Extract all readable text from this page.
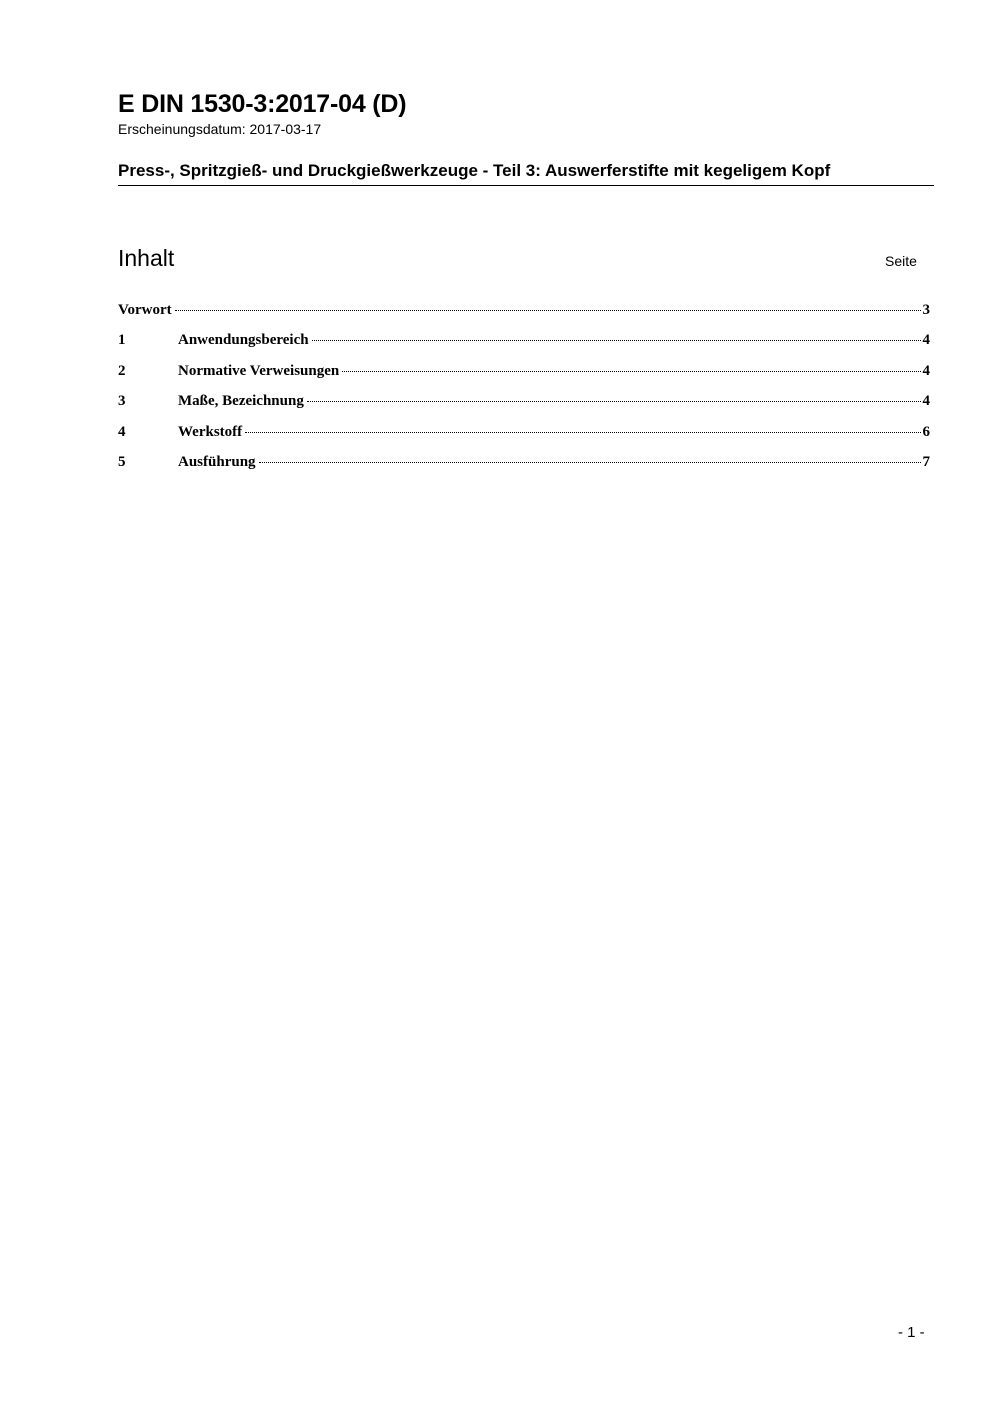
E DIN 1530-3:2017-04 (D)
Erscheinungsdatum: 2017-03-17
Press-, Spritzgieß- und Druckgießwerkzeuge - Teil 3: Auswerferstifte mit kegeligem Kopf
Inhalt	Seite
Vorwort	3
1	Anwendungsbereich	4
2	Normative Verweisungen	4
3	Maße, Bezeichnung	4
4	Werkstoff	6
5	Ausführung	7
- 1 -
